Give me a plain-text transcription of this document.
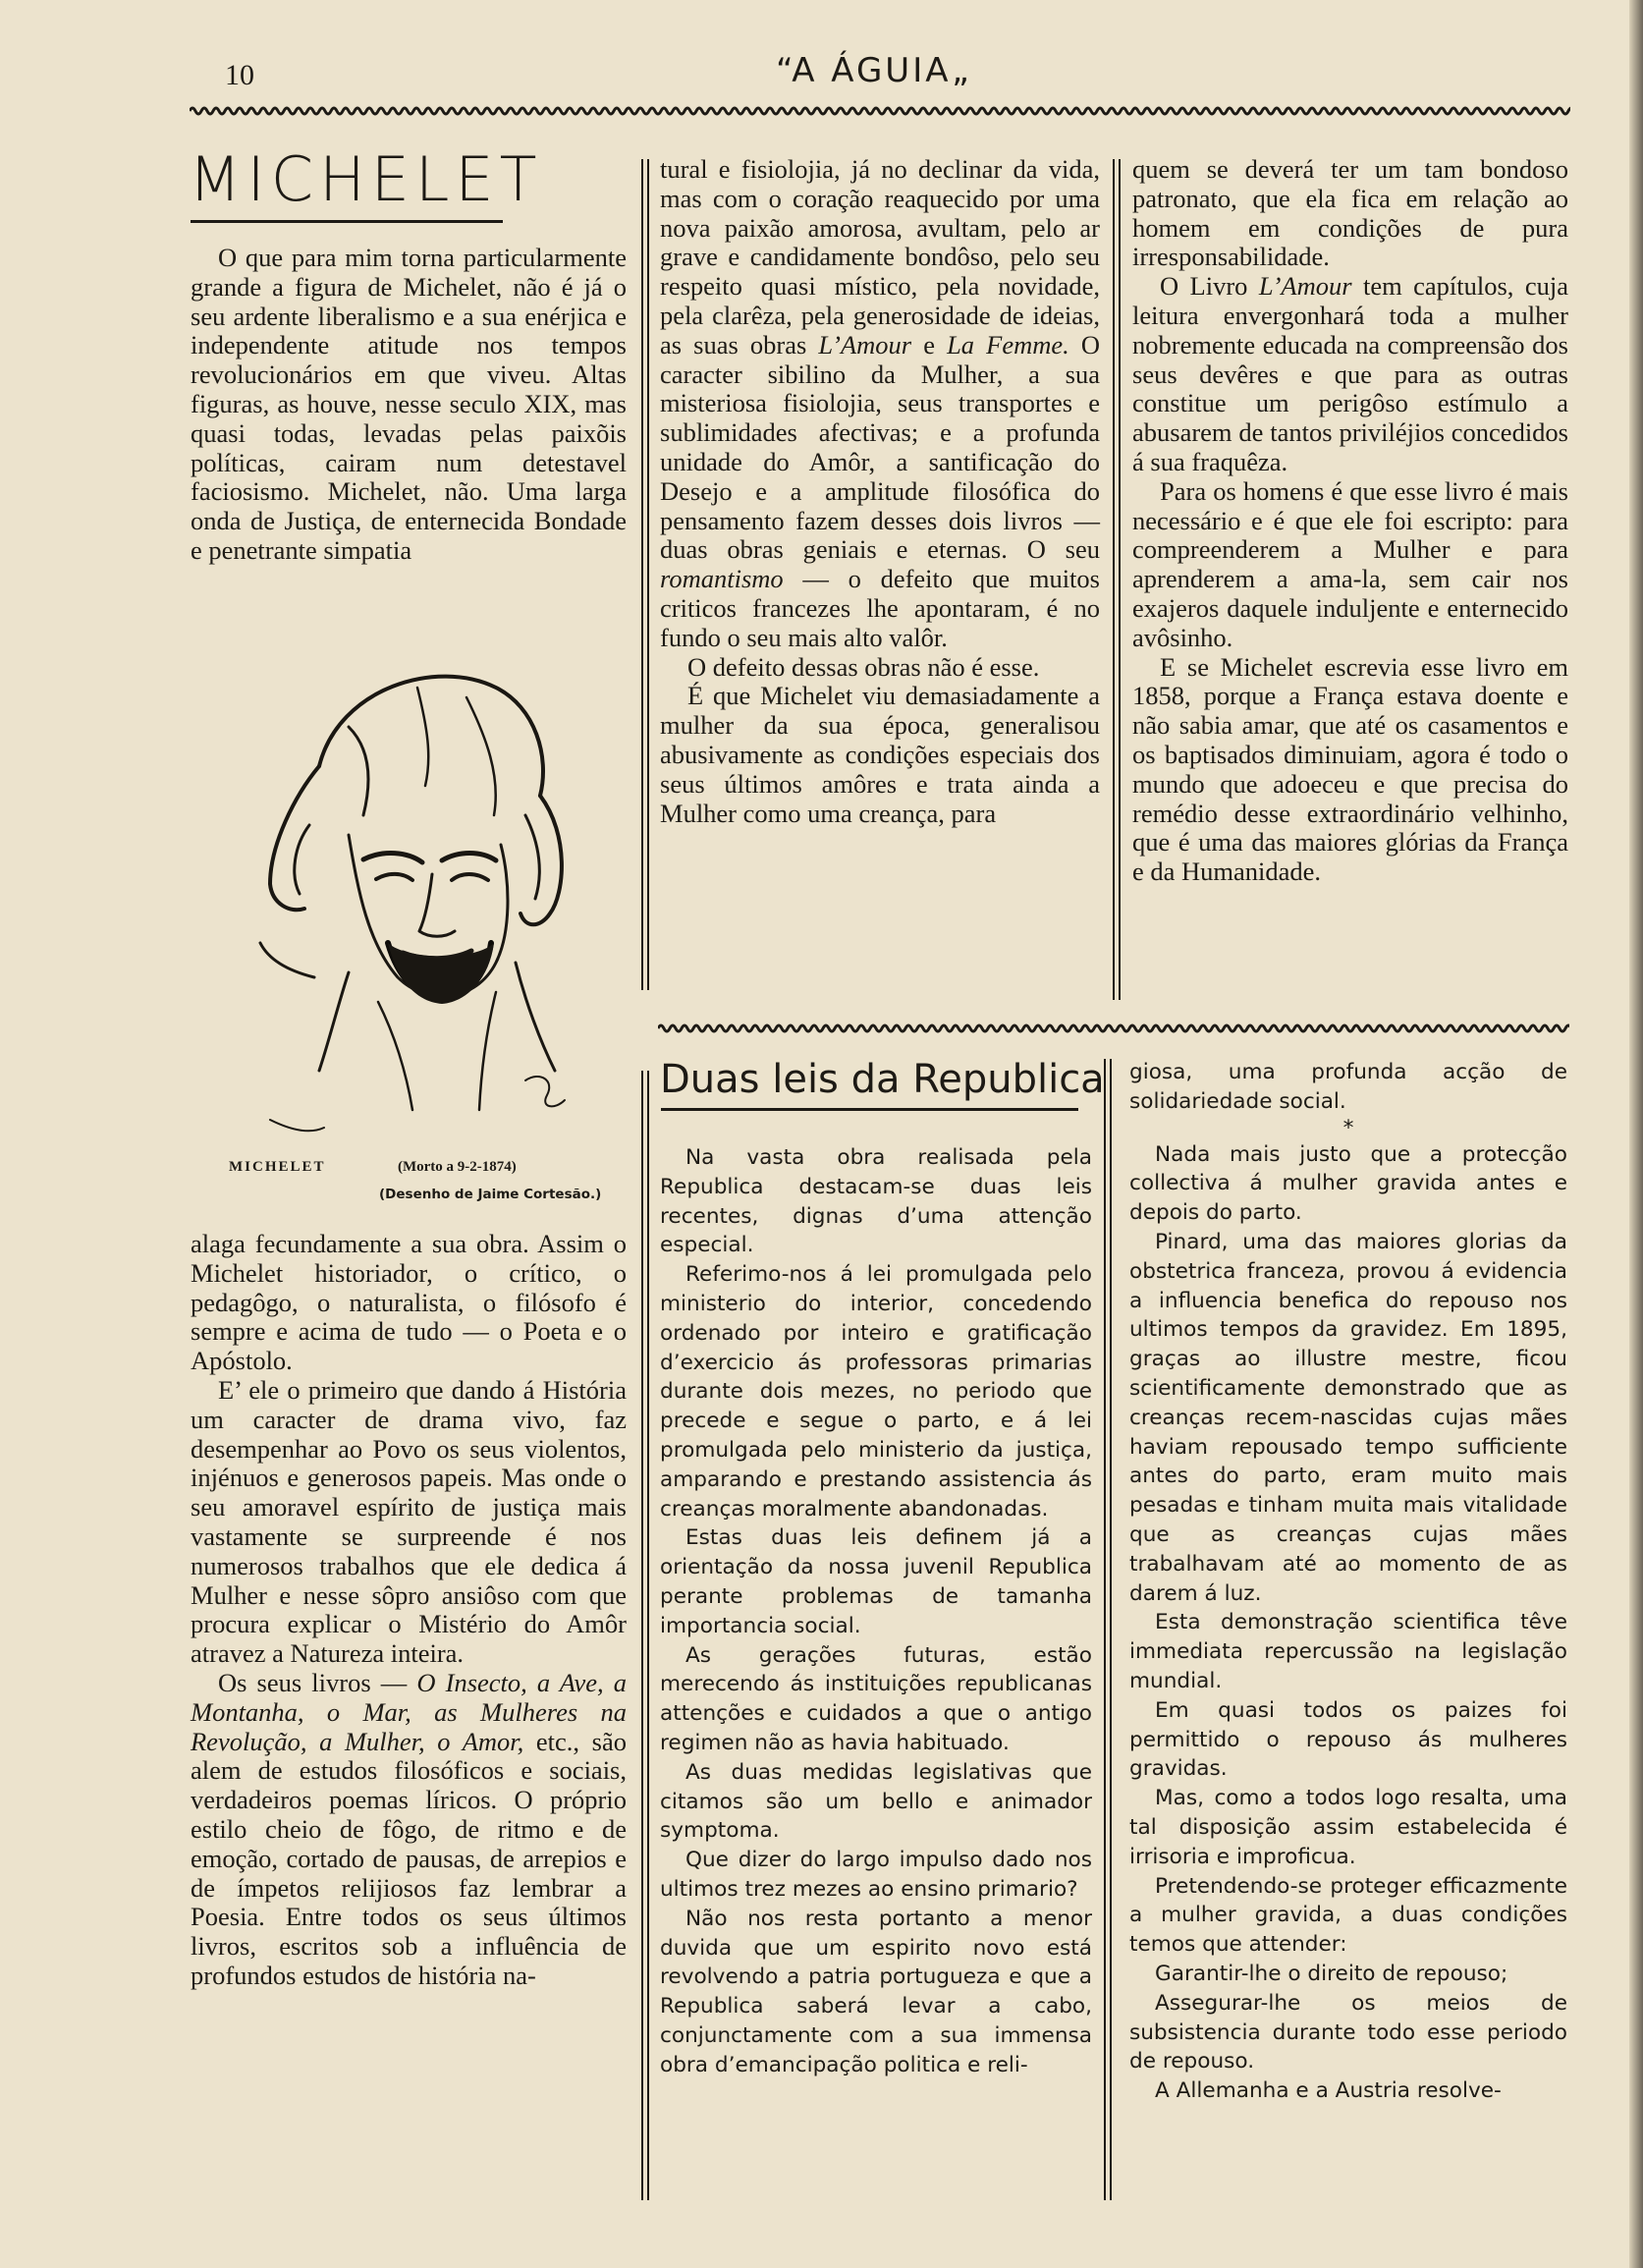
10	“A ÁGUIA„
MICHELET

O que para mim torna particularmente grande a figura de Michelet, não é já o seu ardente liberalismo e a sua enérjica e independente atitude nos tempos revolucionários em que viveu. Altas figuras, as houve, nesse seculo XIX, mas quasi todas, levadas pelas paixõis políticas, cairam num detestavel faciosismo. Michelet, não. Uma larga onda de Justiça, de enternecida Bondade e penetrante simpatia

MICHELET	(Morto a 9-2-1874)
(Desenho de Jaime Cortesão.)

alaga fecundamente a sua obra. Assim o Michelet historiador, o crítico, o pedagôgo, o naturalista, o filósofo é sempre e acima de tudo — o Poeta e o Apóstolo.

E’ ele o primeiro que dando á História um caracter de drama vivo, faz desempenhar ao Povo os seus violentos, injénuos e generosos papeis. Mas onde o seu amoravel espírito de justiça mais vastamente se surpreende é nos numerosos trabalhos que ele dedica á Mulher e nesse sôpro ansiôso com que procura explicar o Mistério do Amôr atravez a Natureza inteira.

Os seus livros — O Insecto, a Ave, a Montanha, o Mar, as Mulheres na Revolução, a Mulher, o Amor, etc., são alem de estudos filosóficos e sociais, verdadeiros poemas líricos. O próprio estilo cheio de fôgo, de ritmo e de emoção, cortado de pausas, de arrepios e de ímpetos relijiosos faz lembrar a Poesia. Entre todos os seus últimos livros, escritos sob a influência de profundos estudos de história na-

tural e fisiolojia, já no declinar da vida, mas com o coração reaquecido por uma nova paixão amorosa, avultam, pelo ar grave e candidamente bondôso, pelo seu respeito quasi místico, pela novidade, pela clarêza, pela generosidade de ideias, as suas obras L’Amour e La Femme. O caracter sibilino da Mulher, a sua misteriosa fisiolojia, seus transportes e sublimidades afectivas; e a profunda unidade do Amôr, a santificação do Desejo e a amplitude filosófica do pensamento fazem desses dois livros — duas obras geniais e eternas. O seu romantismo — o defeito que muitos criticos francezes lhe apontaram, é no fundo o seu mais alto valôr.

O defeito dessas obras não é esse.

É que Michelet viu demasiadamente a mulher da sua época, generalisou abusivamente as condições especiais dos seus últimos amôres e trata ainda a Mulher como uma creança, para

quem se deverá ter um tam bondoso patronato, que ela fica em relação ao homem em condições de pura irresponsabilidade.

O Livro L’Amour tem capítulos, cuja leitura envergonhará toda a mulher nobremente educada na compreensão dos seus devêres e que para as outras constitue um perigôso estímulo a abusarem de tantos priviléjios concedidos á sua fraquêza.

Para os homens é que esse livro é mais necessário e é que ele foi escripto: para compreenderem a Mulher e para aprenderem a ama-la, sem cair nos exajeros daquele induljente e enternecido avôsinho.

E se Michelet escrevia esse livro em 1858, porque a França estava doente e não sabia amar, que até os casamentos e os baptisados diminuiam, agora é todo o mundo que adoeceu e que precisa do remédio desse extraordinário velhinho, que é uma das maiores glórias da França e da Humanidade.

Duas leis da Republica

Na vasta obra realisada pela Republica destacam-se duas leis recentes, dignas d’uma attenção especial.

Referimo-nos á lei promulgada pelo ministerio do interior, concedendo ordenado por inteiro e gratificação d’exercicio ás professoras primarias durante dois mezes, no periodo que precede e segue o parto, e á lei promulgada pelo ministerio da justiça, amparando e prestando assistencia ás creanças moralmente abandonadas.

Estas duas leis definem já a orientação da nossa juvenil Republica perante problemas de tamanha importancia social.

As gerações futuras, estão merecendo ás instituições republicanas attenções e cuidados a que o antigo regimen não as havia habituado.

As duas medidas legislativas que citamos são um bello e animador symptoma.

Que dizer do largo impulso dado nos ultimos trez mezes ao ensino primario?

Não nos resta portanto a menor duvida que um espirito novo está revolvendo a patria portugueza e que a Republica saberá levar a cabo, conjunctamente com a sua immensa obra d’emancipação politica e reli-

giosa, uma profunda acção de solidariedade social.

*

Nada mais justo que a protecção collectiva á mulher gravida antes e depois do parto.

Pinard, uma das maiores glorias da obstetrica franceza, provou á evidencia a influencia benefica do repouso nos ultimos tempos da gravidez. Em 1895, graças ao illustre mestre, ficou scientificamente demonstrado que as creanças recem-nascidas cujas mães haviam repousado tempo sufficiente antes do parto, eram muito mais pesadas e tinham muita mais vitalidade que as creanças cujas mães trabalhavam até ao momento de as darem á luz.

Esta demonstração scientifica têve immediata repercussão na legislação mundial.

Em quasi todos os paizes foi permittido o repouso ás mulheres gravidas.

Mas, como a todos logo resalta, uma tal disposição assim estabelecida é irrisoria e improficua.

Pretendendo-se proteger efficazmente a mulher gravida, a duas condições temos que attender:

Garantir-lhe o direito de repouso;

Assegurar-lhe os meios de subsistencia durante todo esse periodo de repouso.

A Allemanha e a Austria resolve-
